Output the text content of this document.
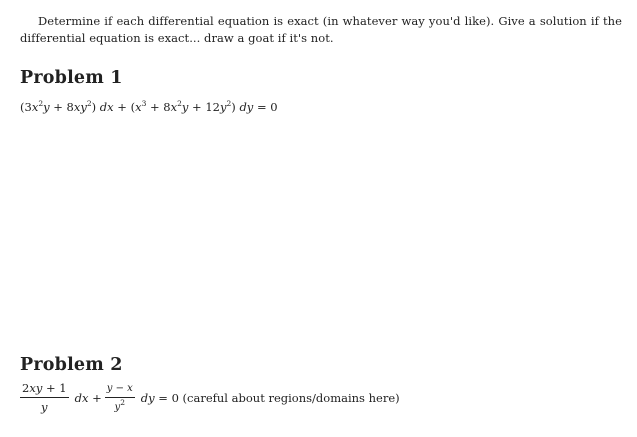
Determine if each differential equation is exact (in whatever way you'd like). Give a solution if the differential equation is exact... draw a goat if it's not.

Problem 1
$(3x^2y + 8xy^2)$ dx + $(x^3 + 8x^2y + 12y^2)$ dy = 0
Problem 2
$\frac{2xy + 1}{y}$ dx + $\frac{y - x}{y^2}$ dy = 0 (careful about regions/domains here)
